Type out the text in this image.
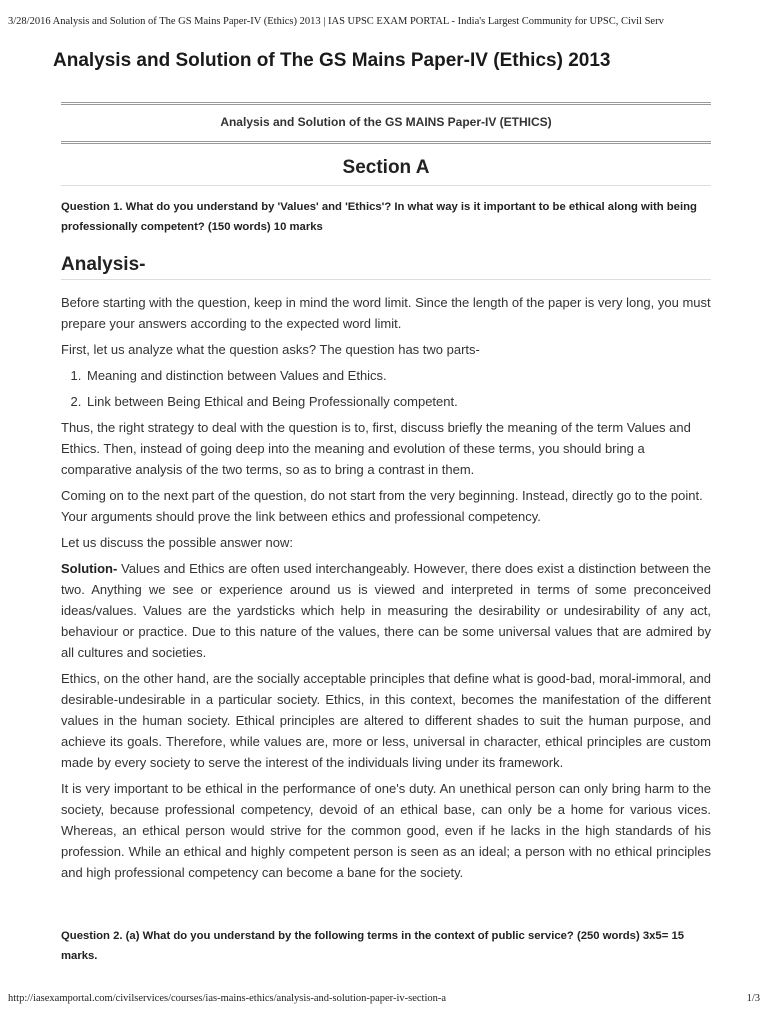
3/28/2016 Analysis and Solution of The GS Mains Paper-IV (Ethics) 2013 | IAS UPSC EXAM PORTAL - India's Largest Community for UPSC, Civil Serv
Analysis and Solution of The GS Mains Paper-IV (Ethics) 2013
Analysis and Solution of the GS MAINS Paper-IV (ETHICS)
Section A
Question 1. What do you understand by 'Values' and 'Ethics'? In what way is it important to be ethical along with being professionally competent? (150 words) 10 marks
Analysis-

Before starting with the question, keep in mind the word limit. Since the length of the paper is very long, you must prepare your answers according to the expected word limit.

First, let us analyze what the question asks? The question has two parts-

1. Meaning and distinction between Values and Ethics.
2. Link between Being Ethical and Being Professionally competent.

Thus, the right strategy to deal with the question is to, first, discuss briefly the meaning of the term Values and Ethics. Then, instead of going deep into the meaning and evolution of these terms, you should bring a comparative analysis of the two terms, so as to bring a contrast in them.

Coming on to the next part of the question, do not start from the very beginning. Instead, directly go to the point. Your arguments should prove the link between ethics and professional competency.

Let us discuss the possible answer now:

Solution- Values and Ethics are often used interchangeably. However, there does exist a distinction between the two. Anything we see or experience around us is viewed and interpreted in terms of some preconceived ideas/values. Values are the yardsticks which help in measuring the desirability or undesirability of any act, behaviour or practice. Due to this nature of the values, there can be some universal values that are admired by all cultures and societies.

Ethics, on the other hand, are the socially acceptable principles that define what is good-bad, moral-immoral, and desirable-undesirable in a particular society. Ethics, in this context, becomes the manifestation of the different values in the human society. Ethical principles are altered to different shades to suit the human purpose, and achieve its goals. Therefore, while values are, more or less, universal in character, ethical principles are custom made by every society to serve the interest of the individuals living under its framework.

It is very important to be ethical in the performance of one's duty. An unethical person can only bring harm to the society, because professional competency, devoid of an ethical base, can only be a home for various vices. Whereas, an ethical person would strive for the common good, even if he lacks in the high standards of his profession. While an ethical and highly competent person is seen as an ideal; a person with no ethical principles and high professional competency can become a bane for the society.

Question 2. (a) What do you understand by the following terms in the context of public service? (250 words) 3x5= 15 marks.
http://iasexamportal.com/civilservices/courses/ias-mains-ethics/analysis-and-solution-paper-iv-section-a	1/3
